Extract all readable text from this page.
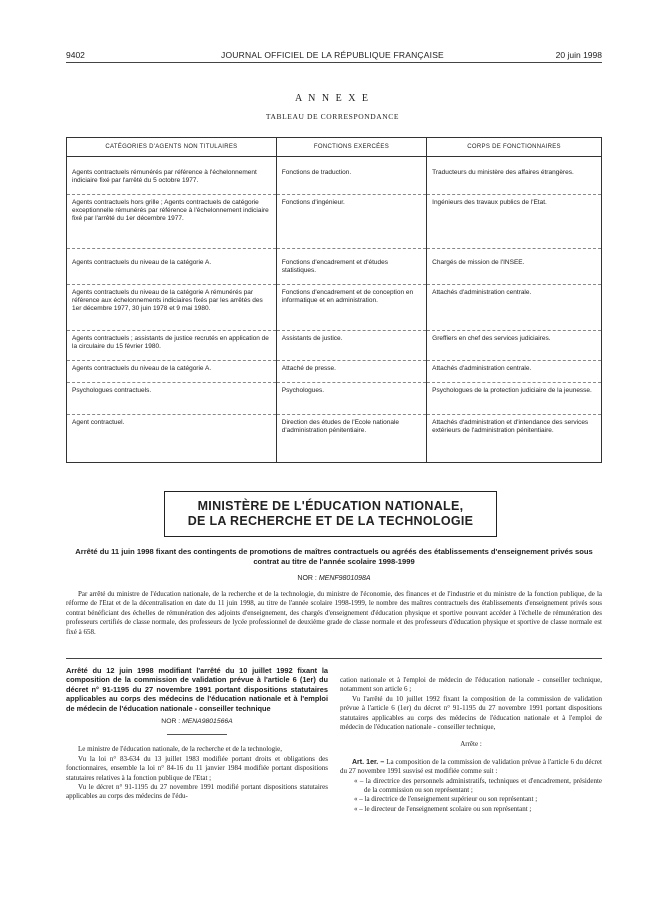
9402	JOURNAL OFFICIEL DE LA RÉPUBLIQUE FRANÇAISE	20 juin 1998
A N N E X E
TABLEAU DE CORRESPONDANCE
CATÉGORIES D'AGENTS NON TITULAIRES	FONCTIONS EXERCÉES	CORPS DE FONCTIONNAIRES
Agents contractuels rémunérés par référence à l'échelonnement indiciaire fixé par l'arrêté du 5 octobre 1977.	Fonctions de traduction.	Traducteurs du ministère des affaires étrangères.
Agents contractuels hors grille ; Agents contractuels de catégorie exceptionnelle rémunérés par référence à l'échelonnement indiciaire fixé par l'arrêté du 1er décembre 1977.	Fonctions d'ingénieur.	Ingénieurs des travaux publics de l'Etat.
Agents contractuels du niveau de la catégorie A.	Fonctions d'encadrement et d'études statistiques.	Chargés de mission de l'INSEE.
Agents contractuels du niveau de la catégorie A rémunérés par référence aux échelonnements indiciaires fixés par les arrêtés des 1er décembre 1977, 30 juin 1978 et 9 mai 1980.	Fonctions d'encadrement et de conception en informatique et en administration.	Attachés d'administration centrale.
Agents contractuels ; assistants de justice recrutés en application de la circulaire du 15 février 1980.	Assistants de justice.	Greffiers en chef des services judiciaires.
Agents contractuels du niveau de la catégorie A.	Attaché de presse.	Attachés d'administration centrale.
Psychologues contractuels.	Psychologues.	Psychologues de la protection judiciaire de la jeunesse.
Agent contractuel.	Direction des études de l'Ecole nationale d'administration pénitentiaire.	Attachés d'administration et d'intendance des services extérieurs de l'administration pénitentiaire.
MINISTÈRE DE L'ÉDUCATION NATIONALE,
DE LA RECHERCHE ET DE LA TECHNOLOGIE
Arrêté du 11 juin 1998 fixant des contingents de promotions de maîtres contractuels ou agréés des établissements d'enseignement privés sous contrat au titre de l'année scolaire 1998-1999
NOR : MENF9801098A
Par arrêté du ministre de l'éducation nationale, de la recherche et de la technologie, du ministre de l'économie, des finances et de l'industrie et du ministre de la fonction publique, de la réforme de l'Etat et de la décentralisation en date du 11 juin 1998, au titre de l'année scolaire 1998-1999, le nombre des maîtres contractuels des établissements d'enseignement privés sous contrat bénéficiant des échelles de rémunération des adjoints d'enseignement, des chargés d'enseignement d'éducation physique et sportive pouvant accéder à l'échelle de rémunération des professeurs certifiés de classe normale, des professeurs de lycée professionnel de deuxième grade de classe normale et des professeurs d'éducation physique et sportive de classe normale est fixé à 658.
Arrêté du 12 juin 1998 modifiant l'arrêté du 10 juillet 1992 fixant la composition de la commission de validation prévue à l'article 6 (1er) du décret n° 91-1195 du 27 novembre 1991 portant dispositions statutaires applicables au corps des médecins de l'éducation nationale et à l'emploi de médecin de l'éducation nationale - conseiller technique
NOR : MENA9801566A

Le ministre de l'éducation nationale, de la recherche et de la technologie,

Vu la loi n° 83-634 du 13 juillet 1983 modifiée portant droits et obligations des fonctionnaires, ensemble la loi n° 84-16 du 11 janvier 1984 modifiée portant dispositions statutaires relatives à la fonction publique de l'Etat ;

Vu le décret n° 91-1195 du 27 novembre 1991 modifié portant dispositions statutaires applicables au corps des médecins de l'édu-

cation nationale et à l'emploi de médecin de l'éducation nationale - conseiller technique, notamment son article 6 ;

Vu l'arrêté du 10 juillet 1992 fixant la composition de la commission de validation prévue à l'article 6 (1er) du décret n° 91-1195 du 27 novembre 1991 portant dispositions statutaires applicables au corps des médecins de l'éducation nationale et à l'emploi de médecin de l'éducation nationale - conseiller technique,

Arrête :

Art. 1er. – La composition de la commission de validation prévue à l'article 6 du décret du 27 novembre 1991 susvisé est modifiée comme suit :

« – la directrice des personnels administratifs, techniques et d'encadrement, présidente de la commission ou son représentant ;

« – la directrice de l'enseignement supérieur ou son représentant ;

« – le directeur de l'enseignement scolaire ou son représentant ;
